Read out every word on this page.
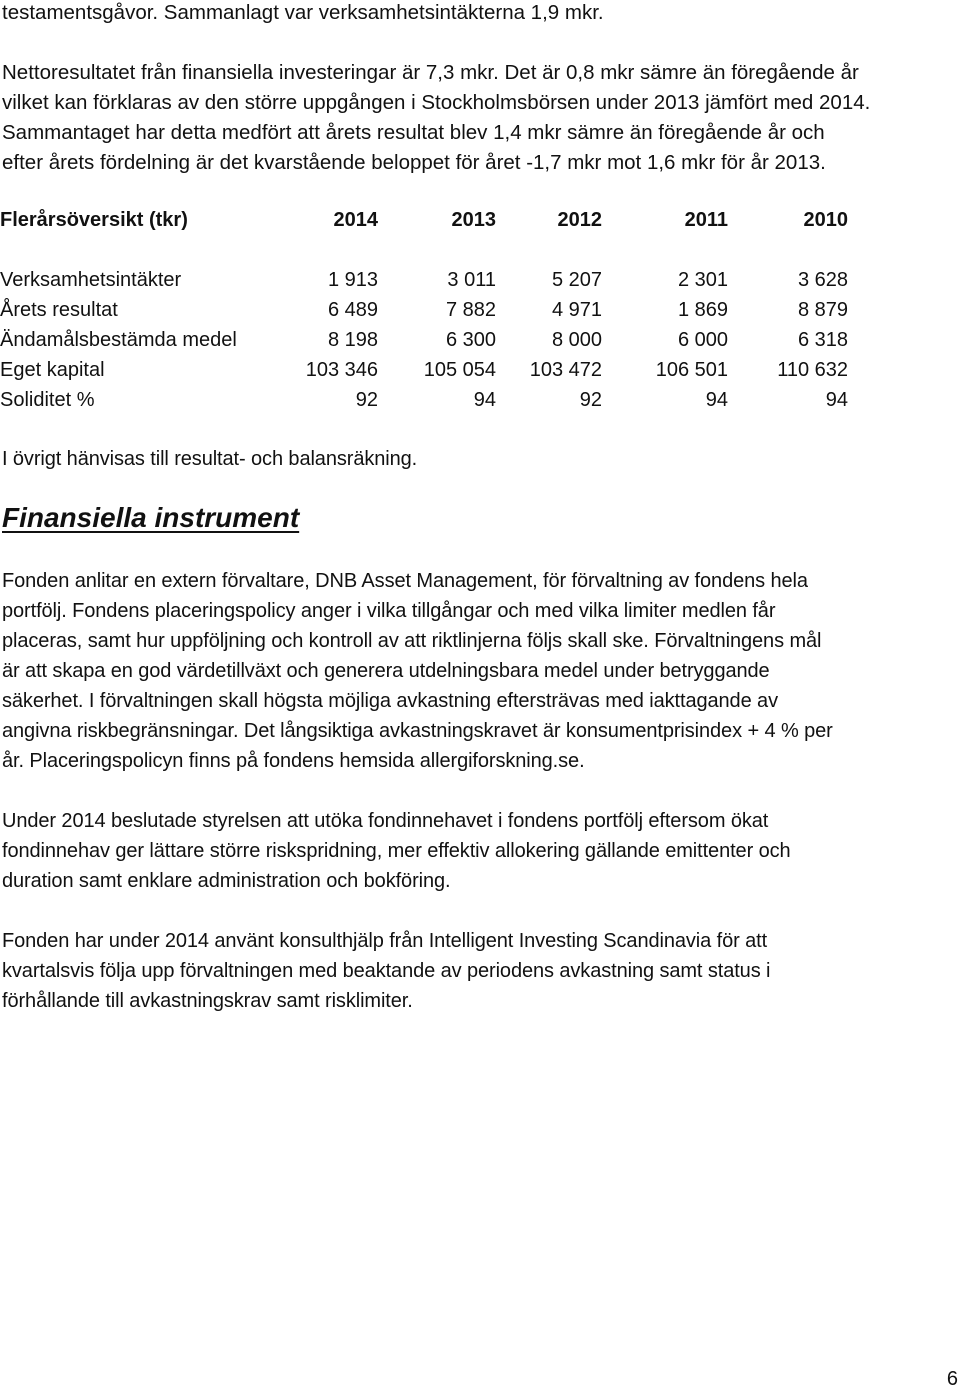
testamentsgåvor. Sammanlagt var verksamhetsintäkterna 1,9 mkr.

Nettoresultatet från finansiella investeringar är 7,3 mkr. Det är 0,8 mkr sämre än föregående år
vilket kan förklaras av den större uppgången i Stockholmsbörsen under 2013 jämfört med 2014.
Sammantaget har detta medfört att årets resultat blev 1,4 mkr sämre än föregående år och
efter årets fördelning är det kvarstående beloppet för året -1,7 mkr mot 1,6 mkr för år 2013.

Flerårsöversikt (tkr)	2014	2013	2012	2011	2010

Verksamhetsintäkter	1 913	3 011	5 207	2 301	3 628
Årets resultat	6 489	7 882	4 971	1 869	8 879
Ändamålsbestämda medel	8 198	6 300	8 000	6 000	6 318
Eget kapital	103 346	105 054	103 472	106 501	110 632
Soliditet %	92	94	92	94	94

I övrigt hänvisas till resultat- och balansräkning.

Finansiella instrument

Fonden anlitar en extern förvaltare, DNB Asset Management, för förvaltning av fondens hela
portfölj. Fondens placeringspolicy anger i vilka tillgångar och med vilka limiter medlen får
placeras, samt hur uppföljning och kontroll av att riktlinjerna följs skall ske. Förvaltningens mål
är att skapa en god värdetillväxt och generera utdelningsbara medel under betryggande
säkerhet. I förvaltningen skall högsta möjliga avkastning eftersträvas med iakttagande av
angivna riskbegränsningar. Det långsiktiga avkastningskravet är konsumentprisindex + 4 % per
år. Placeringspolicyn finns på fondens hemsida allergiforskning.se.

Under 2014 beslutade styrelsen att utöka fondinnehavet i fondens portfölj eftersom ökat
fondinnehav ger lättare större riskspridning, mer effektiv allokering gällande emittenter och
duration samt enklare administration och bokföring.

Fonden har under 2014 använt konsulthjälp från Intelligent Investing Scandinavia för att
kvartalsvis följa upp förvaltningen med beaktande av periodens avkastning samt status i
förhållande till avkastningskrav samt risklimiter.

6
